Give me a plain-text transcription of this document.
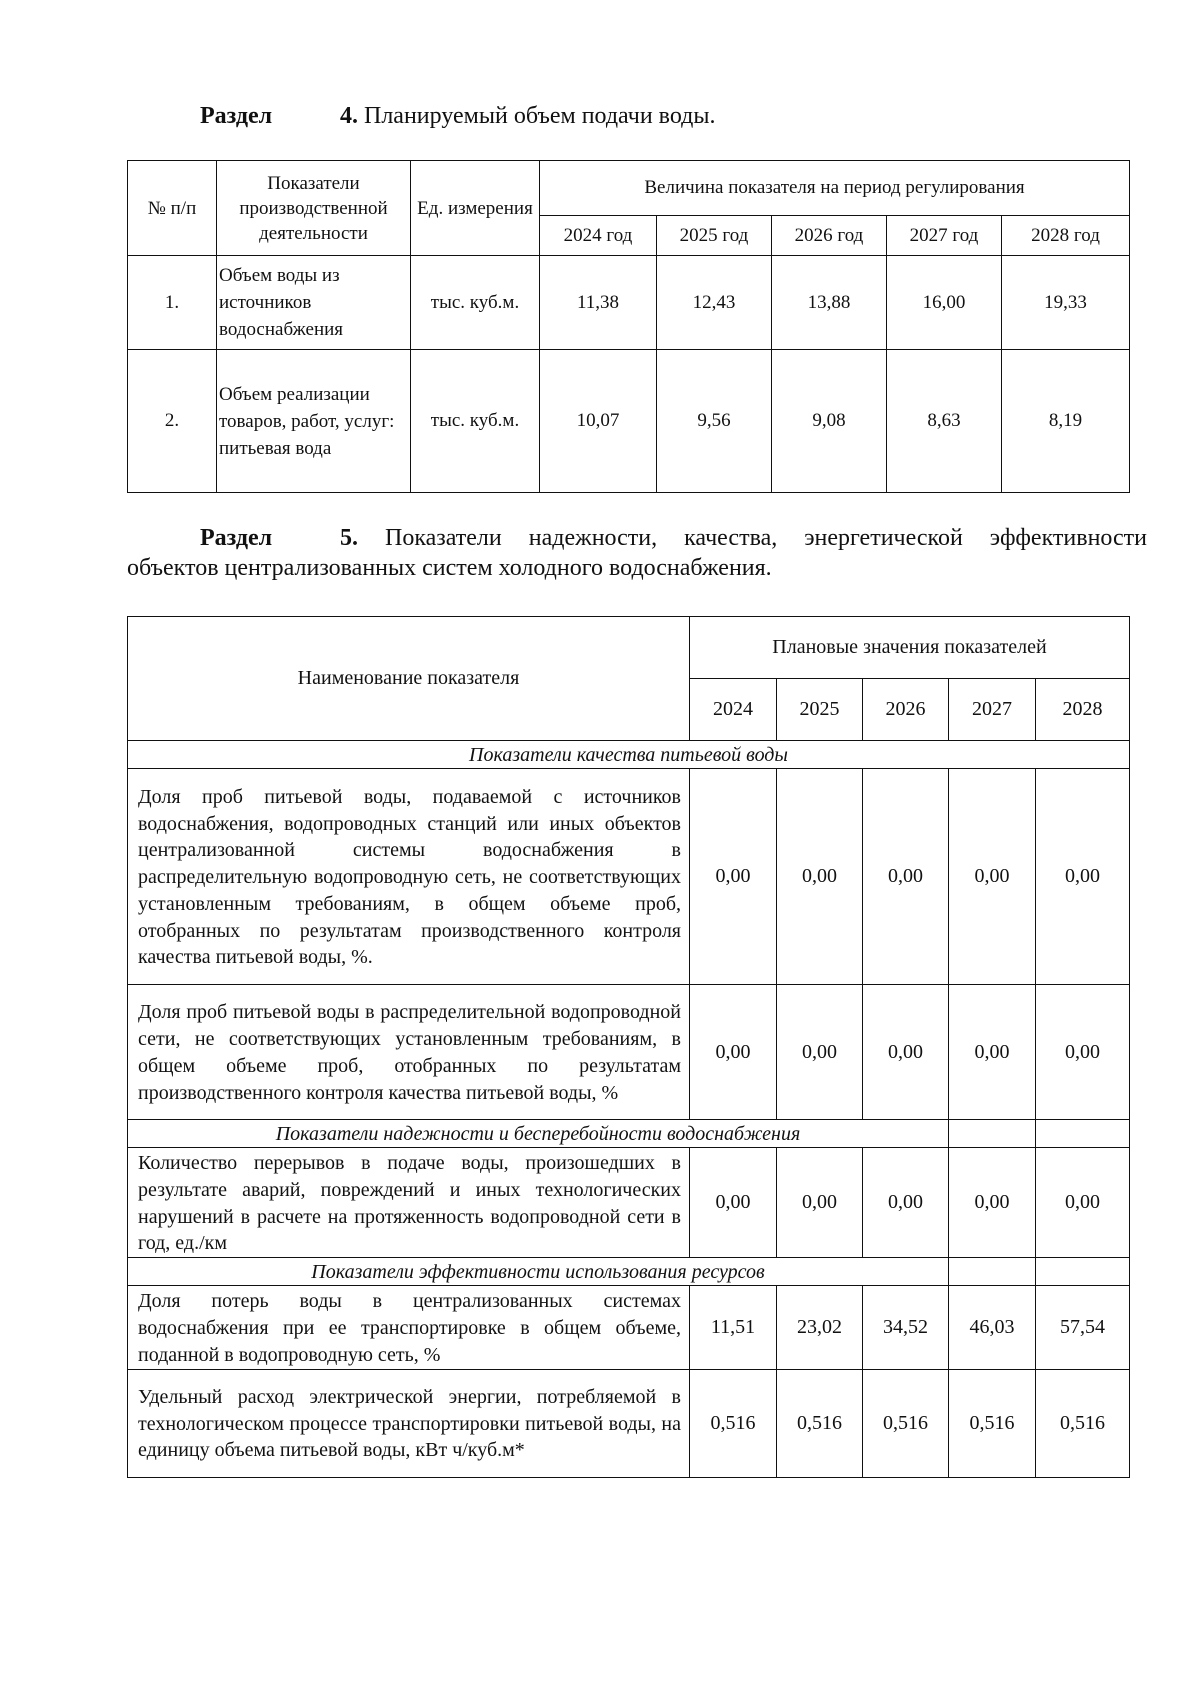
Раздел	4. Планируемый объем подачи воды.
№ п/п	Показатели производственной деятельности	Ед. измерения	Величина показателя на период регулирования				
			2024 год	2025 год	2026 год	2027 год	2028 год
1.	Объем воды из источников водоснабжения	тыс. куб.м.	11,38	12,43	13,88	16,00	19,33
2.	Объем реализации товаров, работ, услуг: питьевая вода	тыс. куб.м.	10,07	9,56	9,08	8,63	8,19
Раздел	5. Показатели надежности, качества, энергетической эффективности
объектов централизованных систем холодного водоснабжения.
Наименование показателя	Плановые значения показателей				
	2024	2025	2026	2027	2028
Показатели качества питьевой воды					
Доля проб питьевой воды, подаваемой с источников водоснабжения, водопроводных станций или иных объектов централизованной системы водоснабжения в распределительную водопроводную сеть, не соответствующих установленным требованиям, в общем объеме проб, отобранных по результатам производственного контроля качества питьевой воды, %.	0,00	0,00	0,00	0,00	0,00
Доля проб питьевой воды в распределительной водопроводной сети, не соответствующих установленным требованиям, в общем объеме проб, отобранных по результатам производственного контроля качества питьевой воды, %	0,00	0,00	0,00	0,00	0,00
Показатели надежности и бесперебойности водоснабжения					
Количество перерывов в подаче воды, произошедших в результате аварий, повреждений и иных технологических нарушений в расчете на протяженность водопроводной сети в год, ед./км	0,00	0,00	0,00	0,00	0,00
Показатели эффективности использования ресурсов					
Доля потерь воды в централизованных системах водоснабжения при ее транспортировке в общем объеме, поданной в водопроводную сеть, %	11,51	23,02	34,52	46,03	57,54
Удельный расход электрической энергии, потребляемой в технологическом процессе транспортировки питьевой воды, на единицу объема питьевой воды, кВт ч/куб.м*	0,516	0,516	0,516	0,516	0,516
